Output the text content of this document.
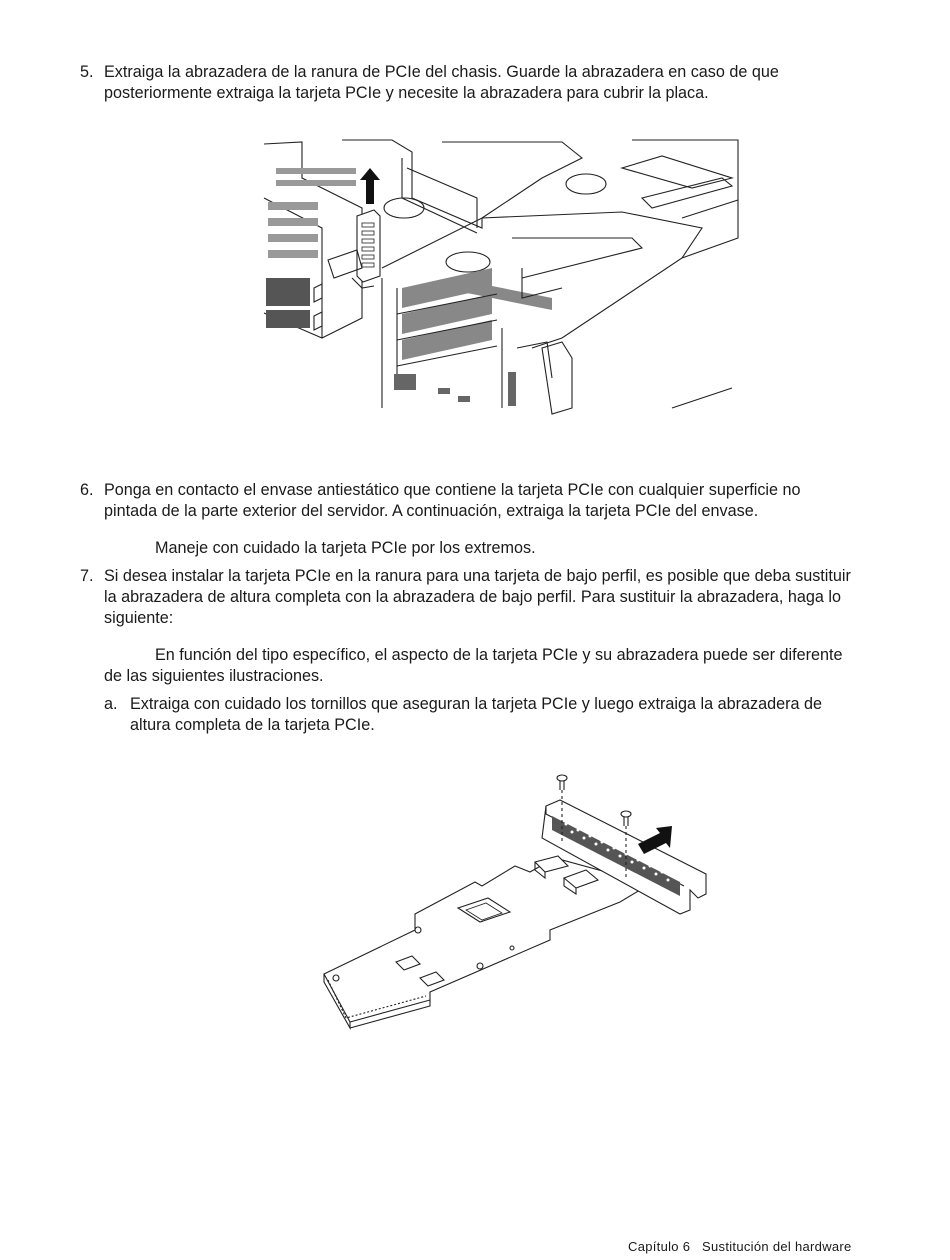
5. Extraiga la abrazadera de la ranura de PCIe del chasis. Guarde la abrazadera en caso de que
posteriormente extraiga la tarjeta PCIe y necesite la abrazadera para cubrir la placa.
6. Ponga en contacto el envase antiestático que contiene la tarjeta PCIe con cualquier superficie no
pintada de la parte exterior del servidor. A continuación, extraiga la tarjeta PCIe del envase.
Maneje con cuidado la tarjeta PCIe por los extremos.
7. Si desea instalar la tarjeta PCIe en la ranura para una tarjeta de bajo perfil, es posible que deba sustituir
la abrazadera de altura completa con la abrazadera de bajo perfil. Para sustituir la abrazadera, haga lo
siguiente:
En función del tipo específico, el aspecto de la tarjeta PCIe y su abrazadera puede ser diferente
de las siguientes ilustraciones.
a. Extraiga con cuidado los tornillos que aseguran la tarjeta PCIe y luego extraiga la abrazadera de
altura completa de la tarjeta PCIe.
Capítulo 6 Sustitución del hardware
